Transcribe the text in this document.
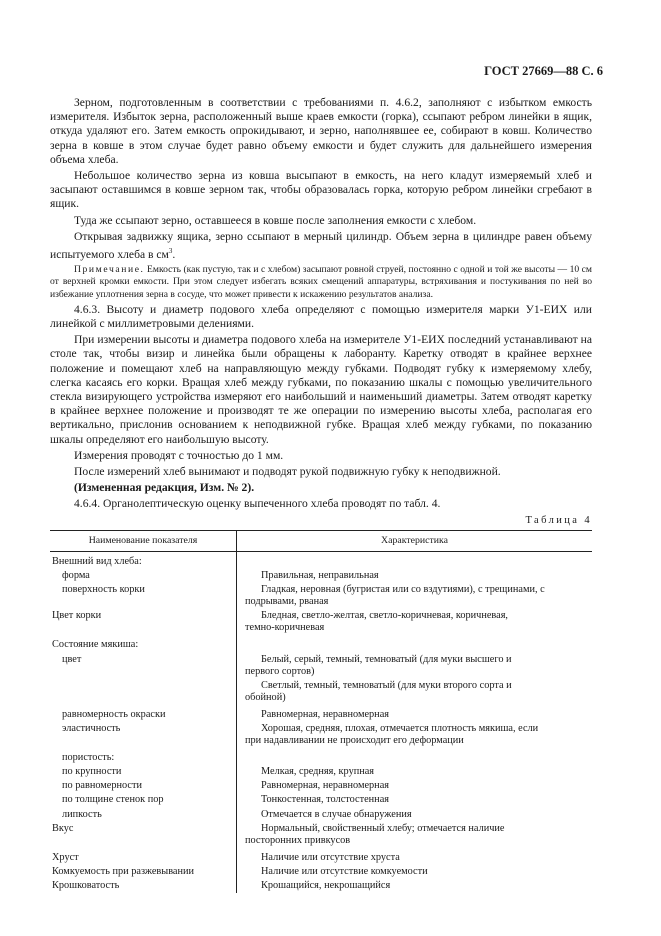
ГОСТ 27669—88 С. 6

Зерном, подготовленным в соответствии с требованиями п. 4.6.2, заполняют с избытком емкость измерителя. Избыток зерна, расположенный выше краев емкости (горка), ссыпают ребром линейки в ящик, откуда удаляют его. Затем емкость опрокидывают, и зерно, наполнявшее ее, собирают в ковш. Количество зерна в ковше в этом случае будет равно объему емкости и будет служить для дальнейшего измерения объема хлеба.

Небольшое количество зерна из ковша высыпают в емкость, на него кладут измеряемый хлеб и засыпают оставшимся в ковше зерном так, чтобы образовалась горка, которую ребром линейки сгребают в ящик.

Туда же ссыпают зерно, оставшееся в ковше после заполнения емкости с хлебом.

Открывая задвижку ящика, зерно ссыпают в мерный цилиндр. Объем зерна в цилиндре равен объему испытуемого хлеба в $см^3$.

Примечание. Емкость (как пустую, так и с хлебом) засыпают ровной струей, постоянно с одной и той же высоты — 10 см от верхней кромки емкости. При этом следует избегать всяких смещений аппаратуры, встряхивания и постукивания по ней во избежание уплотнения зерна в сосуде, что может привести к искажению результатов анализа.

4.6.3. Высоту и диаметр подового хлеба определяют с помощью измерителя марки У1-ЕИХ или линейкой с миллиметровыми делениями.

При измерении высоты и диаметра подового хлеба на измерителе У1-ЕИХ последний устанавливают на столе так, чтобы визир и линейка были обращены к лаборанту. Каретку отводят в крайнее верхнее положение и помещают хлеб на направляющую между губками. Подводят губку к измеряемому хлебу, слегка касаясь его корки. Вращая хлеб между губками, по показанию шкалы с помощью увеличительного стекла визирующего устройства измеряют его наибольший и наименьший диаметры. Затем отводят каретку в крайнее верхнее положение и производят те же операции по измерению высоты хлеба, располагая его вертикально, прислонив основанием к неподвижной губке. Вращая хлеб между губками, по показанию шкалы определяют его наибольшую высоту.

Измерения проводят с точностью до 1 мм.

После измерений хлеб вынимают и подводят рукой подвижную губку к неподвижной.

(Измененная редакция, Изм. № 2).

4.6.4. Органолептическую оценку выпеченного хлеба проводят по табл. 4.

Таблица 4

Наименование показателя	Характеристика
Внешний вид хлеба:	
форма	Правильная, неправильная
поверхность корки	Гладкая, неровная (бугристая или со вздутиями), с трещинами, с
подрывами, рваная

Цвет корки	Бледная, светло-желтая, светло-коричневая, коричневая,
темно-коричневая

Состояние мякиша:	
цвет	Белый, серый, темный, темноватый (для муки высшего и
первого сортов)

	Светлый, темный, темноватый (для муки второго сорта и
обойной)

равномерность окраски	Равномерная, неравномерная
эластичность	Хорошая, средняя, плохая, отмечается плотность мякиша, если
при надавливании не происходит его деформации

пористость:	
по крупности	Мелкая, средняя, крупная
по равномерности	Равномерная, неравномерная
по толщине стенок пор	Тонкостенная, толстостенная
липкость	Отмечается в случае обнаружения
Вкус	Нормальный, свойственный хлебу; отмечается наличие
посторонних привкусов

Хруст	Наличие или отсутствие хруста
Комкуемость при разжевывании	Наличие или отсутствие комкуемости
Крошковатость	Крошащийся, некрошащийся
